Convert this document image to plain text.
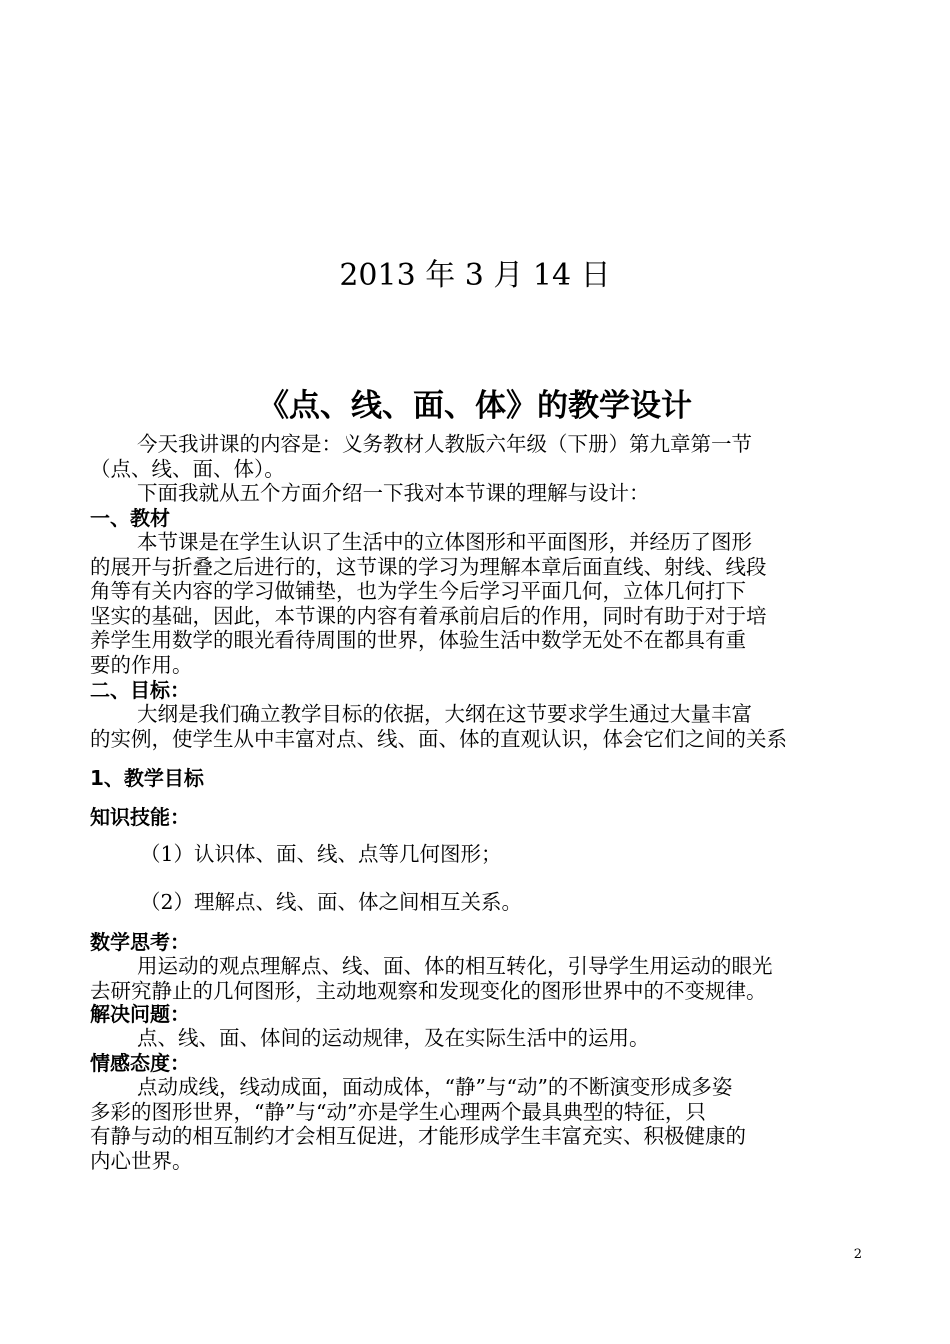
2013 年 3 月 14 日
《点、线、面、体》的教学设计
今天我讲课的内容是：义务教材人教版六年级（下册）第九章第一节
（点、线、面、体）。
下面我就从五个方面介绍一下我对本节课的理解与设计：
一、教材
本节课是在学生认识了生活中的立体图形和平面图形，并经历了图形
的展开与折叠之后进行的，这节课的学习为理解本章后面直线、射线、线段
角等有关内容的学习做铺垫，也为学生今后学习平面几何，立体几何打下
坚实的基础，因此，本节课的内容有着承前启后的作用，同时有助于对于培
养学生用数学的眼光看待周围的世界，体验生活中数学无处不在都具有重
要的作用。
二、目标：
大纲是我们确立教学目标的依据，大纲在这节要求学生通过大量丰富
的实例，使学生从中丰富对点、线、面、体的直观认识，体会它们之间的关系
1、教学目标
知识技能：
（1）认识体、面、线、点等几何图形；
（2）理解点、线、面、体之间相互关系。
数学思考：
用运动的观点理解点、线、面、体的相互转化，引导学生用运动的眼光
去研究静止的几何图形，主动地观察和发现变化的图形世界中的不变规律。
解决问题：
点、线、面、体间的运动规律，及在实际生活中的运用。
情感态度：
点动成线，线动成面，面动成体，“静”与“动”的不断演变形成多姿
多彩的图形世界，“静”与“动”亦是学生心理两个最具典型的特征，只
有静与动的相互制约才会相互促进，才能形成学生丰富充实、积极健康的
内心世界。
2
